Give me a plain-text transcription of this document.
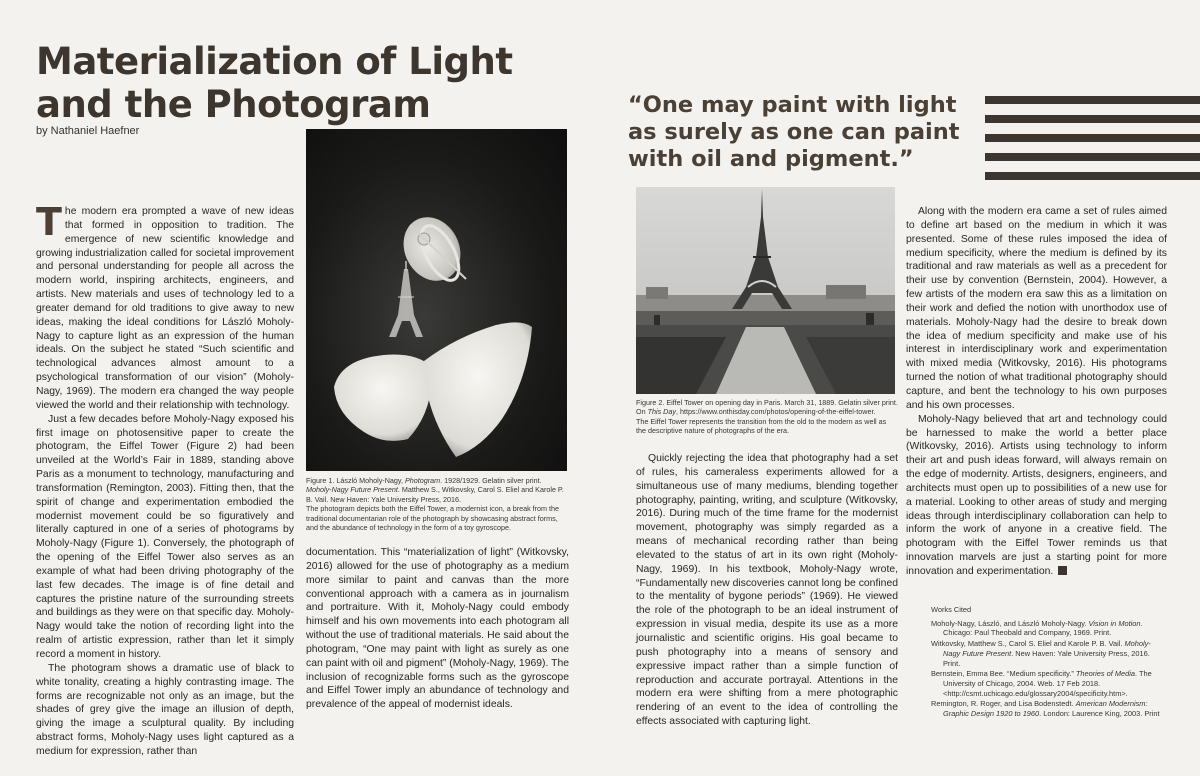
Materialization of Light
and the Photogram
by Nathaniel Haefner

The modern era prompted a wave of new ideas that formed in opposition to tradition. The emergence of new scientific knowledge and growing industrialization called for societal improvement and personal understanding for people all across the modern world, inspiring architects, engineers, and artists. New materials and uses of technology led to a greater demand for old traditions to give away to new ideas, making the ideal conditions for László Moholy-Nagy to capture light as an expression of the human ideals. On the subject he stated “Such scientific and technological advances almost amount to a psychological transformation of our vision” (Moholy-Nagy, 1969). The modern era changed the way people viewed the world and their relationship with technology.

Just a few decades before Moholy-Nagy exposed his first image on photosensitive paper to create the photogram, the Eiffel Tower (Figure 2) had been unveiled at the World’s Fair in 1889, standing above Paris as a monument to technology, manufacturing and transformation (Remington, 2003). Fitting then, that the spirit of change and experimentation embodied the modernist movement could be so figuratively and literally captured in one of a series of photograms by Moholy-Nagy (Figure 1). Conversely, the photograph of the opening of the Eiffel Tower also serves as an example of what had been driving photography of the last few decades. The image is of fine detail and captures the pristine nature of the surrounding streets and buildings as they were on that specific day. Moholy-Nagy would take the notion of recording light into the realm of artistic expression, rather than let it simply record a moment in history.

The photogram shows a dramatic use of black to white tonality, creating a highly contrasting image. The forms are recognizable not only as an image, but the shades of grey give the image an illusion of depth, giving the image a sculptural quality. By including abstract forms, Moholy-Nagy uses light captured as a medium for expression, rather than

Figure 1. László Moholy-Nagy, Photogram. 1928/1929. Gelatin silver print. Moholy-Nagy Future Present. Matthew S., Witkovsky, Carol S. Eliel and Karole P. B. Vail. New Haven: Yale University Press, 2016.
The photogram depicts both the Eiffel Tower, a modernist icon, a break from the traditional documentarian role of the photograph by showcasing abstract forms, and the abundance of technology in the form of a toy gyroscope.

documentation. This “materialization of light” (Witkovsky, 2016) allowed for the use of photography as a medium more similar to paint and canvas than the more conventional approach with a camera as in journalism and portraiture. With it, Moholy-Nagy could embody himself and his own movements into each photogram all without the use of traditional materials. He said about the photogram, “One may paint with light as surely as one can paint with oil and pigment” (Moholy-Nagy, 1969). The inclusion of recognizable forms such as the gyroscope and Eiffel Tower imply an abundance of technology and prevalence of the appeal of modernist ideals.

“One may paint with light as surely as one can paint with oil and pigment.”
Figure 2. Eiffel Tower on opening day in Paris. March 31, 1889. Gelatin silver print. On This Day, https://www.onthisday.com/photos/opening-of-the-eiffel-tower.
The Eiffel Tower represents the transition from the old to the modern as well as the descriptive nature of photographs of the era.

Quickly rejecting the idea that photography had a set of rules, his cameraless experiments allowed for a simultaneous use of many mediums, blending together photography, painting, writing, and sculpture (Witkovsky, 2016). During much of the time frame for the modernist movement, photography was simply regarded as a means of mechanical recording rather than being elevated to the status of art in its own right (Moholy-Nagy, 1969). In his textbook, Moholy-Nagy wrote, “Fundamentally new discoveries cannot long be confined to the mentality of bygone periods” (1969). He viewed the role of the photograph to be an ideal instrument of expression in visual media, despite its use as a more journalistic and scientific origins. His goal became to push photography into a means of sensory and expressive impact rather than a simple function of reproduction and accurate portrayal. Attentions in the modern era were shifting from a mere photographic rendering of an event to the idea of controlling the effects associated with capturing light.

Along with the modern era came a set of rules aimed to define art based on the medium in which it was presented. Some of these rules imposed the idea of medium specificity, where the medium is defined by its traditional and raw materials as well as a precedent for their use by convention (Bernstein, 2004). However, a few artists of the modern era saw this as a limitation on their work and defied the notion with unorthodox use of materials. Moholy-Nagy had the desire to break down the idea of medium specificity and make use of his interest in interdisciplinary work and experimentation with mixed media (Witkovsky, 2016). His photograms turned the notion of what traditional photography should capture, and bent the technology to his own purposes and his own processes.

Moholy-Nagy believed that art and technology could be harnessed to make the world a better place (Witkovsky, 2016). Artists using technology to inform their art and push ideas forward, will always remain on the edge of modernity. Artists, designers, engineers, and architects must open up to possibilities of a new use for a material. Looking to other areas of study and merging ideas through interdisciplinary collaboration can help to inform the work of anyone in a creative field. The photogram with the Eiffel Tower reminds us that innovation marvels are just a starting point for more innovation and experimentation.

Works Cited

Moholy-Nagy, László, and László Moholy-Nagy. Vision in Motion. Chicago: Paul Theobald and Company, 1969. Print.

Witkovsky, Matthew S., Carol S. Eliel and Karole P. B. Vail. Moholy-Nagy Future Present. New Haven: Yale University Press, 2016. Print.

Bernstein, Emma Bee. “Medium specificity.” Theories of Media. The University of Chicago, 2004. Web. 17 Feb 2018. <http://csmt.uchicago.edu/glossary2004/specificity.htm>.

Remington, R. Roger, and Lisa Bodenstedt. American Modernism: Graphic Design 1920 to 1960. London: Laurence King, 2003. Print
